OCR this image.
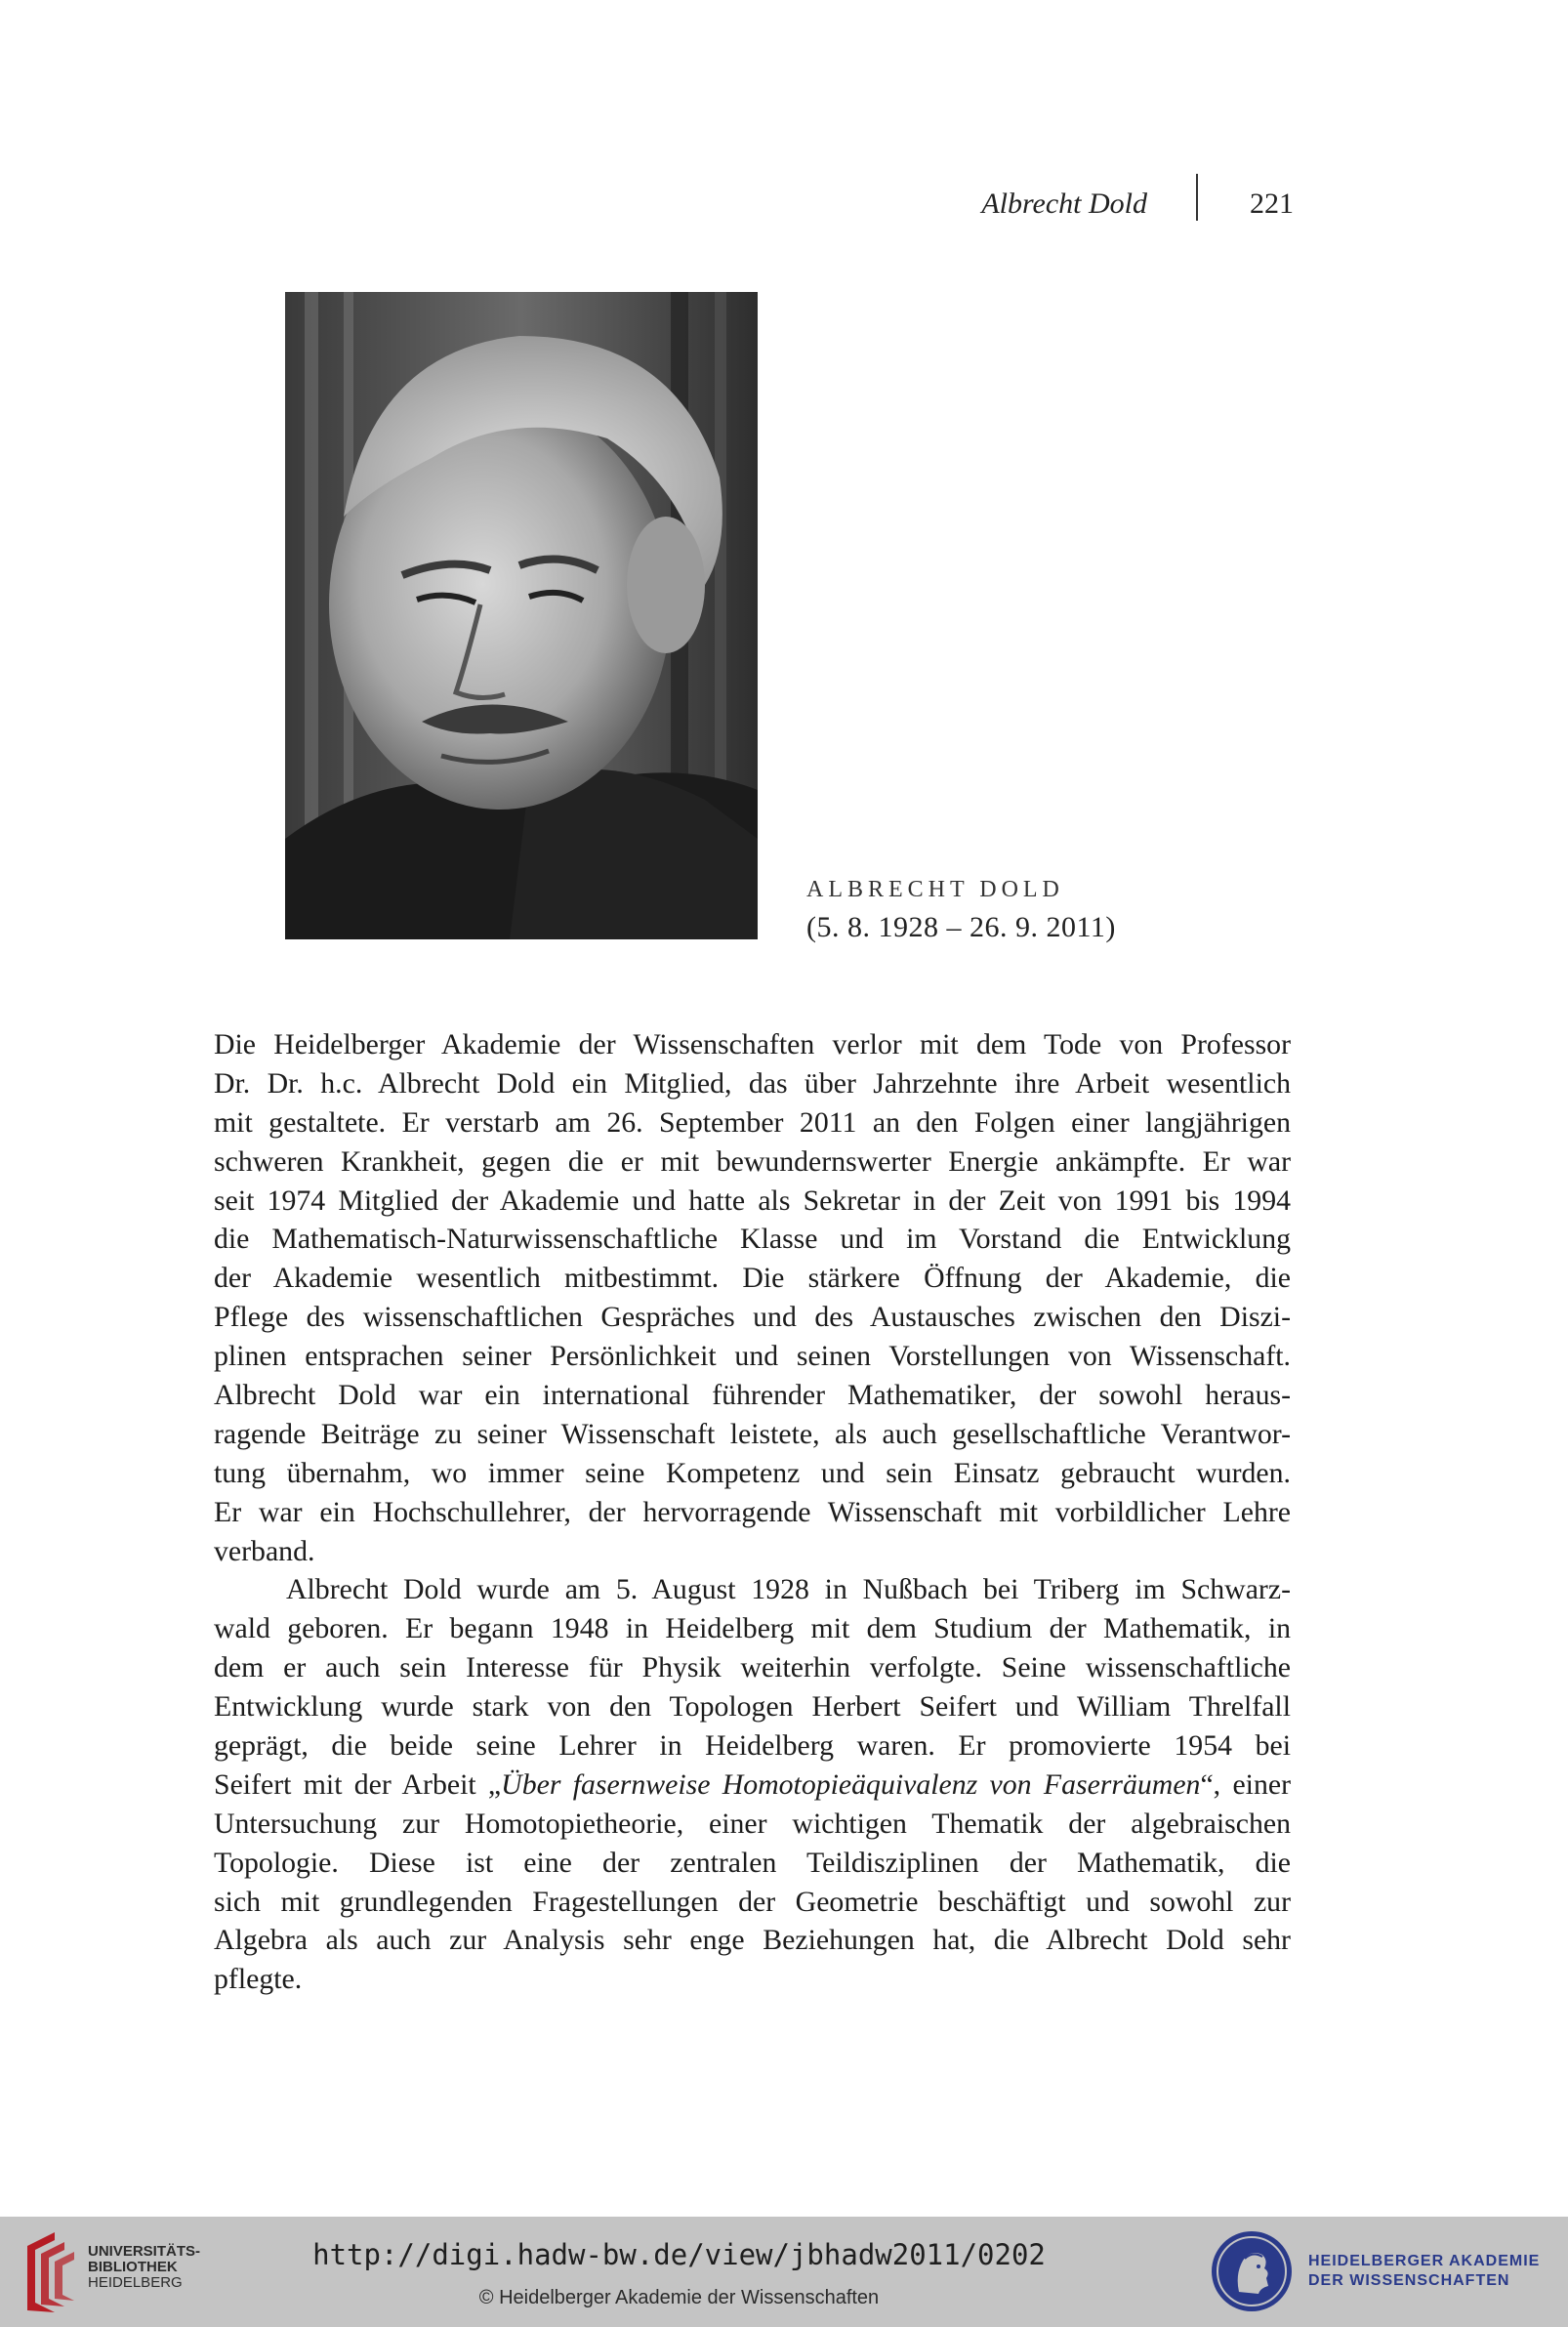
Albrecht Dold	221
ALBRECHT DOLD
(5. 8. 1928 – 26. 9. 2011)
Die Heidelberger Akademie der Wissenschaften verlor mit dem Tode von Professor
Dr. Dr. h.c. Albrecht Dold ein Mitglied, das über Jahrzehnte ihre Arbeit wesentlich
mit gestaltete. Er verstarb am 26. September 2011 an den Folgen einer langjährigen
schweren Krankheit, gegen die er mit bewundernswerter Energie ankämpfte. Er war
seit 1974 Mitglied der Akademie und hatte als Sekretar in der Zeit von 1991 bis 1994
die Mathematisch-Naturwissenschaftliche Klasse und im Vorstand die Entwicklung
der Akademie wesentlich mitbestimmt. Die stärkere Öffnung der Akademie, die
Pflege des wissenschaftlichen Gespräches und des Austausches zwischen den Diszi-
plinen entsprachen seiner Persönlichkeit und seinen Vorstellungen von Wissenschaft.
Albrecht Dold war ein international führender Mathematiker, der sowohl heraus-
ragende Beiträge zu seiner Wissenschaft leistete, als auch gesellschaftliche Verantwor-
tung übernahm, wo immer seine Kompetenz und sein Einsatz gebraucht wurden.
Er war ein Hochschullehrer, der hervorragende Wissenschaft mit vorbildlicher Lehre
verband.
Albrecht Dold wurde am 5. August 1928 in Nußbach bei Triberg im Schwarz-
wald geboren. Er begann 1948 in Heidelberg mit dem Studium der Mathematik, in
dem er auch sein Interesse für Physik weiterhin verfolgte. Seine wissenschaftliche
Entwicklung wurde stark von den Topologen Herbert Seifert und William Threlfall
geprägt, die beide seine Lehrer in Heidelberg waren. Er promovierte 1954 bei
Seifert mit der Arbeit „Über fasernweise Homotopieäquivalenz von Faserräumen“, einer
Untersuchung zur Homotopietheorie, einer wichtigen Thematik der algebraischen
Topologie. Diese ist eine der zentralen Teildisziplinen der Mathematik, die
sich mit grundlegenden Fragestellungen der Geometrie beschäftigt und sowohl zur
Algebra als auch zur Analysis sehr enge Beziehungen hat, die Albrecht Dold sehr
pflegte.
UNIVERSITÄTS-
BIBLIOTHEK
HEIDELBERG
http://digi.hadw-bw.de/view/jbhadw2011/0202
© Heidelberger Akademie der Wissenschaften
HEIDELBERGER AKADEMIE
DER WISSENSCHAFTEN
